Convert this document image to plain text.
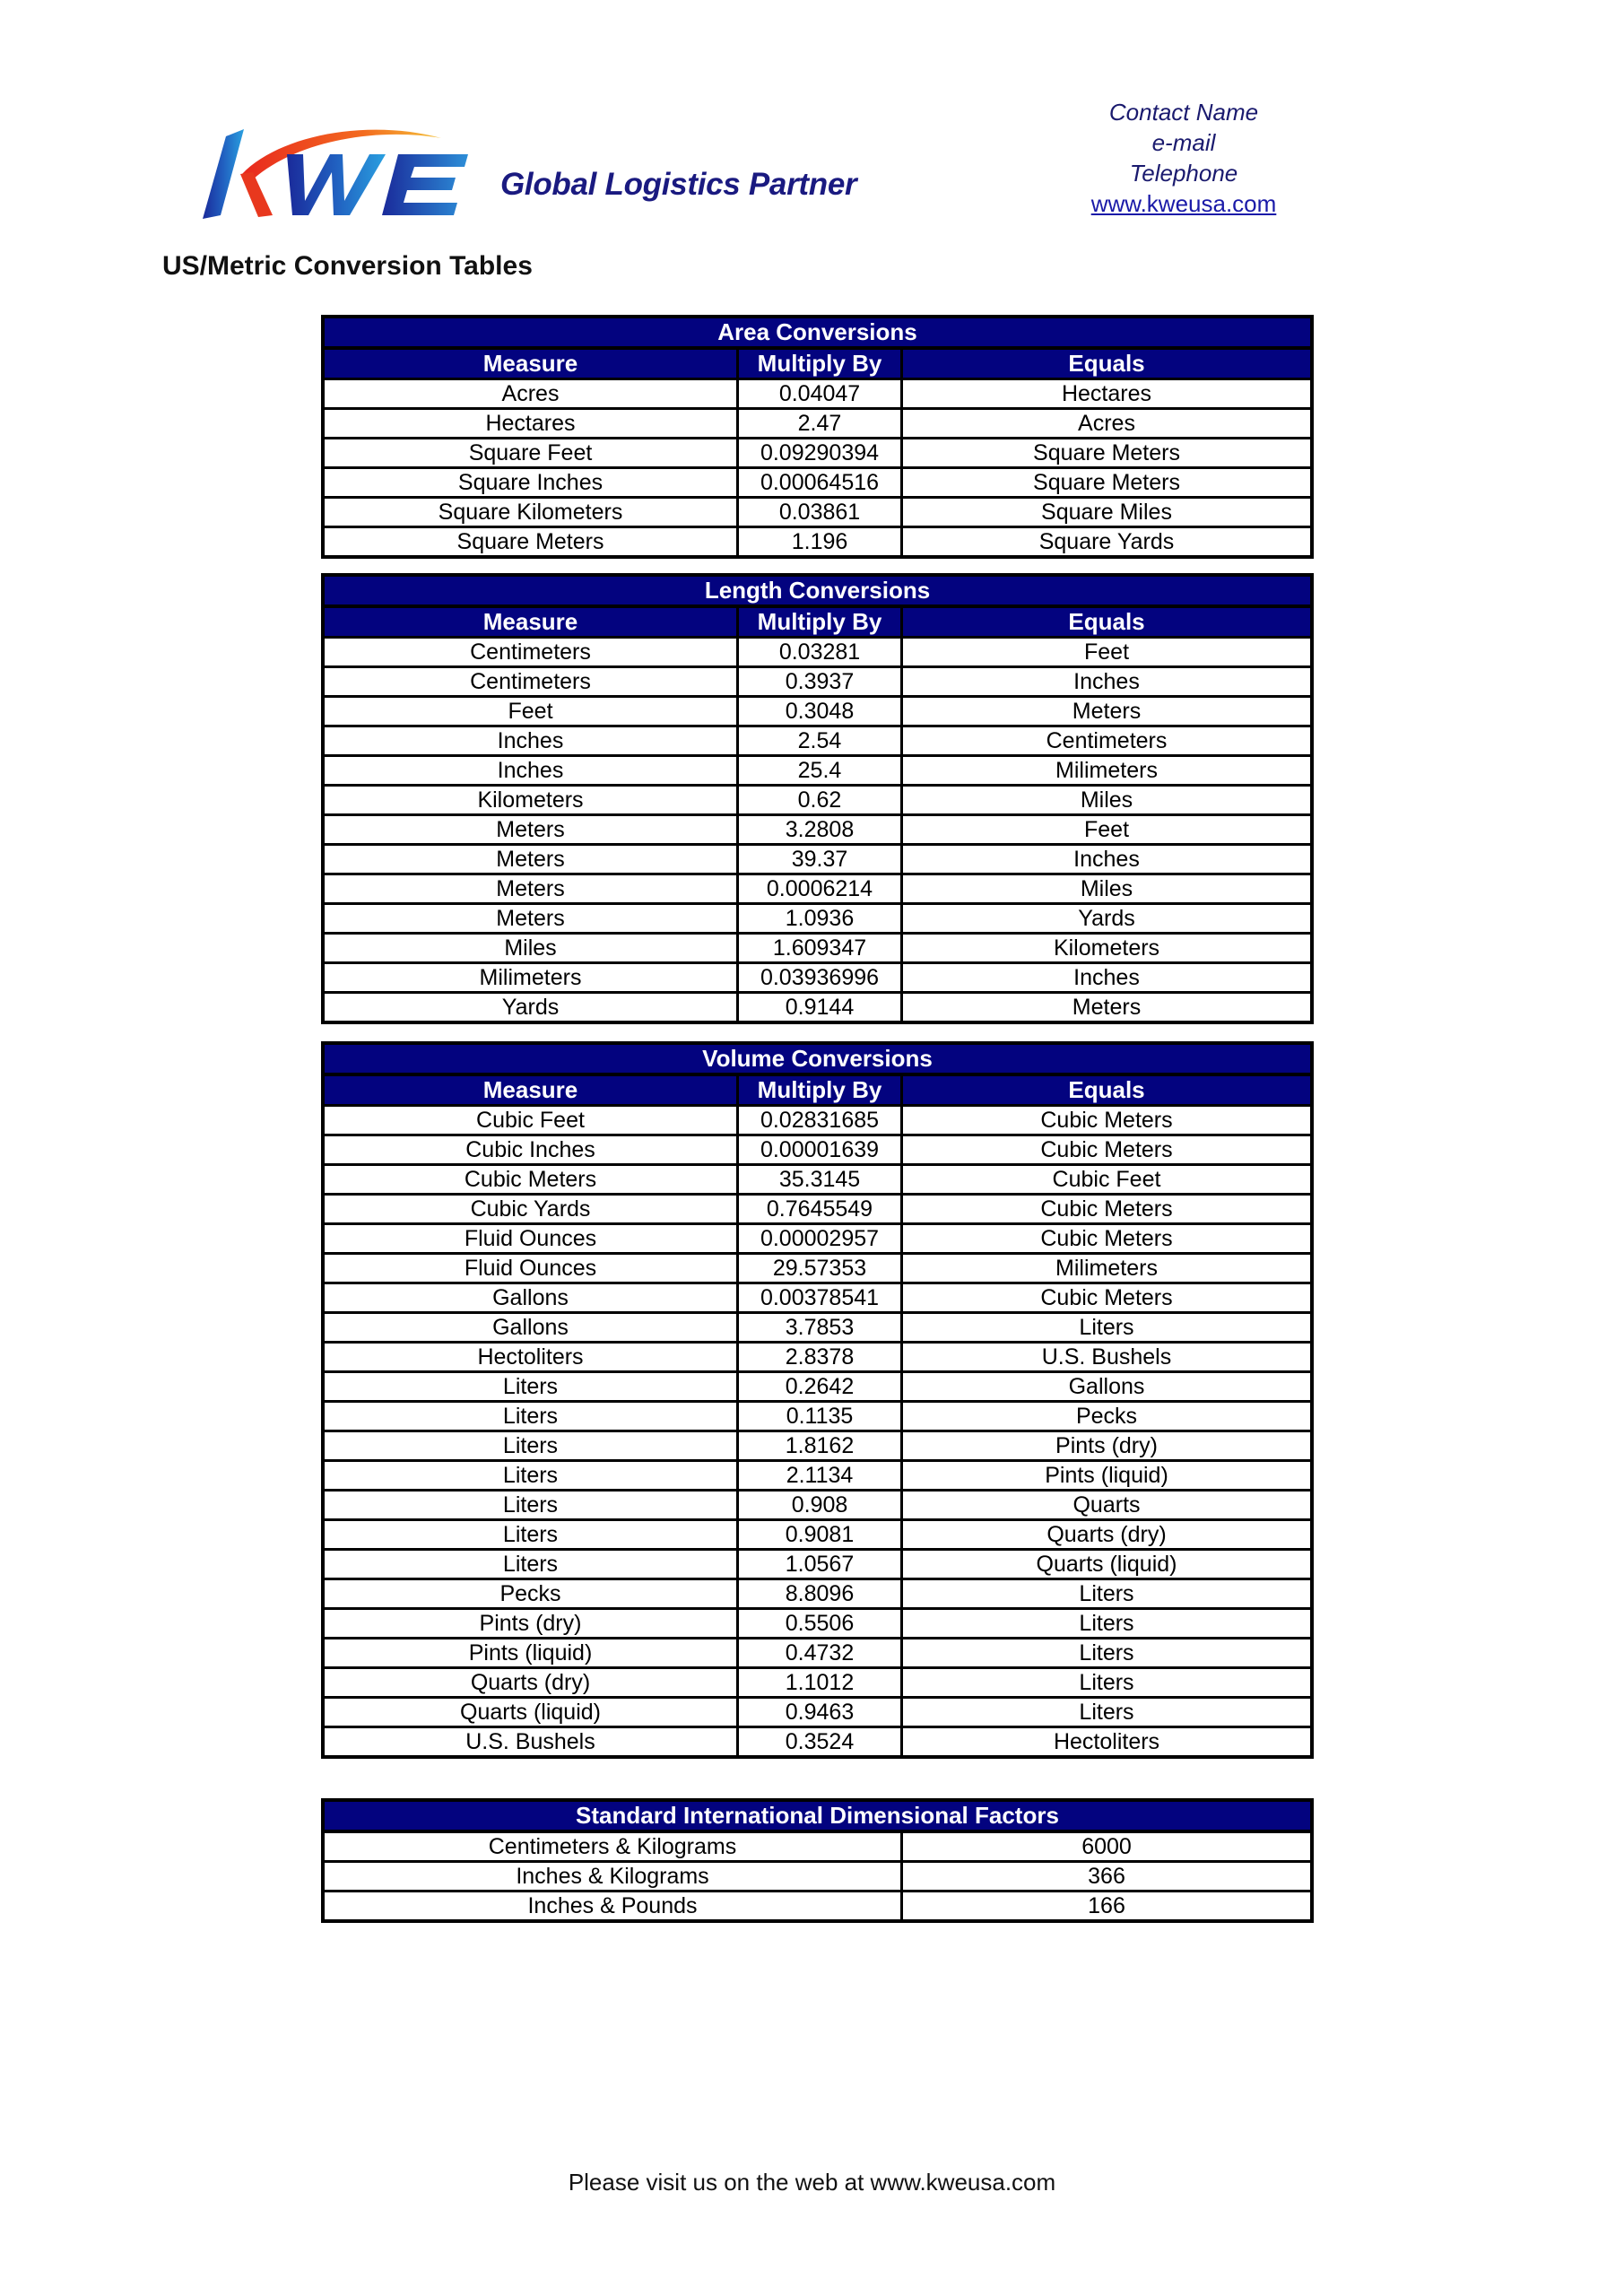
Global Logistics Partner
Contact Name
e-mail
Telephone
www.kweusa.com
US/Metric Conversion Tables
Area Conversions
Measure	Multiply By	Equals
Acres	0.04047	Hectares
Hectares	2.47	Acres
Square Feet	0.09290394	Square Meters
Square Inches	0.00064516	Square Meters
Square Kilometers	0.03861	Square Miles
Square Meters	1.196	Square Yards
Length Conversions
Measure	Multiply By	Equals
Centimeters	0.03281	Feet
Centimeters	0.3937	Inches
Feet	0.3048	Meters
Inches	2.54	Centimeters
Inches	25.4	Milimeters
Kilometers	0.62	Miles
Meters	3.2808	Feet
Meters	39.37	Inches
Meters	0.0006214	Miles
Meters	1.0936	Yards
Miles	1.609347	Kilometers
Milimeters	0.03936996	Inches
Yards	0.9144	Meters
Volume Conversions
Measure	Multiply By	Equals
Cubic Feet	0.02831685	Cubic Meters
Cubic Inches	0.00001639	Cubic Meters
Cubic Meters	35.3145	Cubic Feet
Cubic Yards	0.7645549	Cubic Meters
Fluid Ounces	0.00002957	Cubic Meters
Fluid Ounces	29.57353	Milimeters
Gallons	0.00378541	Cubic Meters
Gallons	3.7853	Liters
Hectoliters	2.8378	U.S. Bushels
Liters	0.2642	Gallons
Liters	0.1135	Pecks
Liters	1.8162	Pints (dry)
Liters	2.1134	Pints (liquid)
Liters	0.908	Quarts
Liters	0.9081	Quarts (dry)
Liters	1.0567	Quarts (liquid)
Pecks	8.8096	Liters
Pints (dry)	0.5506	Liters
Pints (liquid)	0.4732	Liters
Quarts (dry)	1.1012	Liters
Quarts (liquid)	0.9463	Liters
U.S. Bushels	0.3524	Hectoliters
Standard International Dimensional Factors
Centimeters & Kilograms	6000
Inches & Kilograms	366
Inches & Pounds	166
Please visit us on the web at www.kweusa.com
